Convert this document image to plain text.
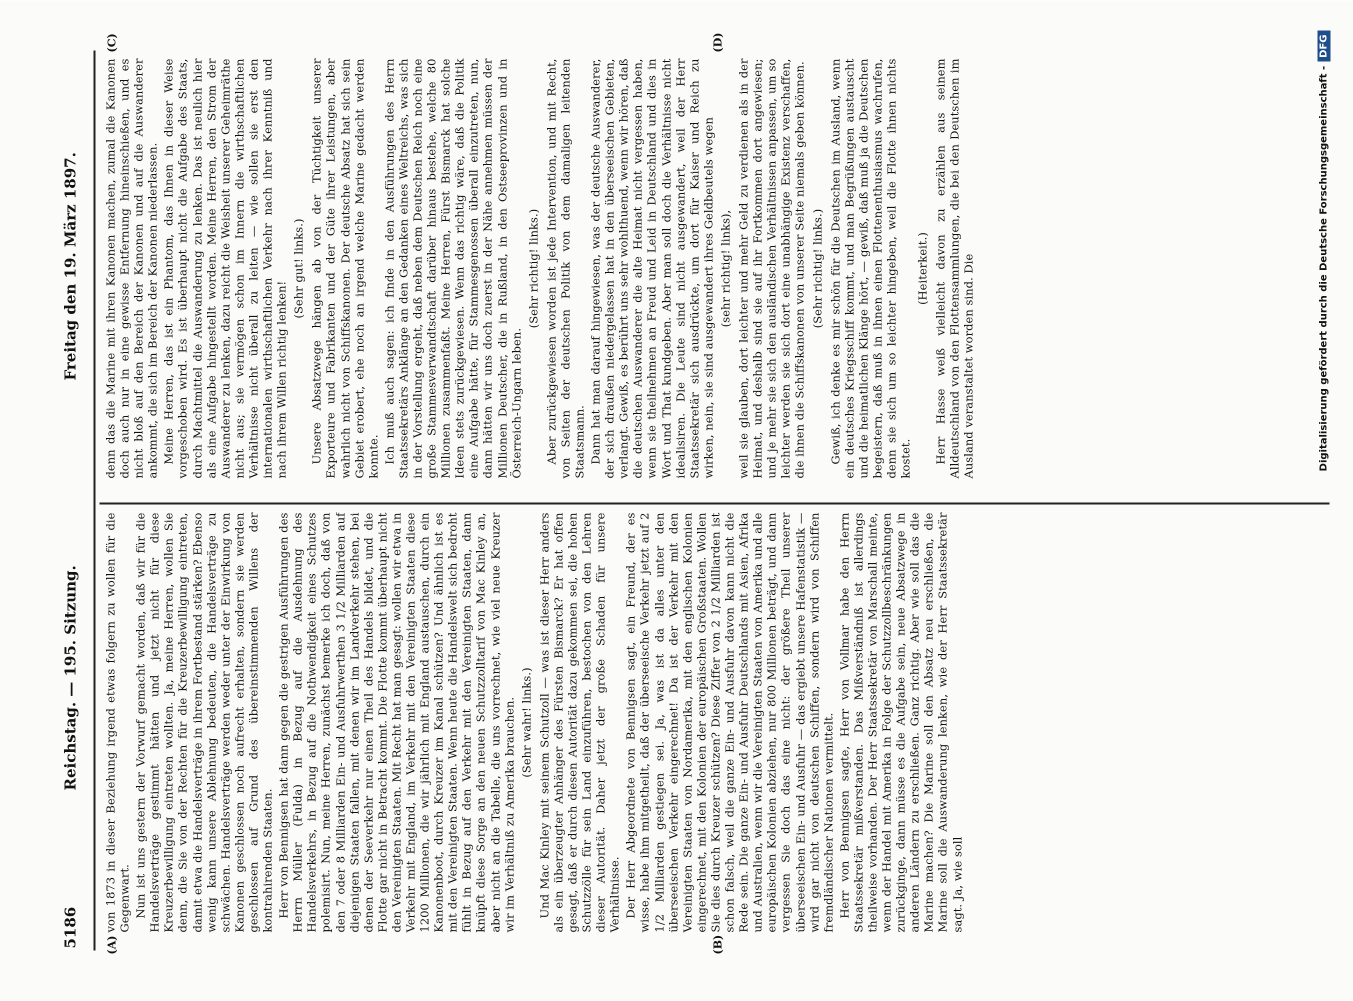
5186
Reichstag. — 195. Sitzung.
Freitag den 19. März 1897.
(A)	(B)
(C)	(D)

von 1873 in dieser Beziehung irgend etwas folgern zu wollen für die Gegenwart. Nun ist uns gestern der Vorwurf gemacht worden, daß wir für die Handelsverträge gestimmt hätten und jetzt nicht für diese Kreuzerbewilligung eintreten wollten. Ja, meine Herren, wollen Sie denn, die Sie von der Rechten für die Kreuzerbewilligung eintreten, damit etwa die Handelsverträge in ihrem Fortbestand stärken? Ebenso wenig kann unsere Ablehnung bedeuten, die Handelsverträge zu schwächen. Handelsverträge werden weder unter der Einwirkung von Kanonen geschlossen noch aufrecht erhalten, sondern sie werden geschlossen auf Grund des übereinstimmenden Willens der kontrahirenden Staaten. Herr von Bennigsen hat dann gegen die gestrigen Ausführungen des Herrn Müller (Fulda) in Bezug auf die Ausdehnung des Handelsverkehrs, in Bezug auf die Nothwendigkeit eines Schutzes polemisirt. Nun, meine Herren, zunächst bemerke ich doch, daß von den 7 oder 8 Milliarden Ein- und Ausfuhrwerthen 3 1/2 Milliarden auf diejenigen Staaten fallen, mit denen wir im Landverkehr stehen, bei denen der Seeverkehr nur einen Theil des Handels bildet, und die Flotte gar nicht in Betracht kommt. Die Flotte kommt überhaupt nicht den Vereinigten Staaten. Mit Recht hat man gesagt: wollen wir etwa in Verkehr mit England, im Verkehr mit den Vereinigten Staaten diese 1200 Millionen, die wir jährlich mit England austauschen, durch ein Kanonenboot, durch Kreuzer im Kanal schützen? Und ähnlich ist es mit den Vereinigten Staaten. Wenn heute die Handelswelt sich bedroht fühlt in Bezug auf den Verkehr mit den Vereinigten Staaten, dann knüpft diese Sorge an den neuen Schutzzolltarif von Mac Kinley an, aber nicht an die Tabelle, die uns vorrechnet, wie viel neue Kreuzer wir im Verhältniß zu Amerika brauchen. (Sehr wahr! links.) Und Mac Kinley mit seinem Schutzoll — was ist dieser Herr anders als ein überzeugter Anhänger des Fürsten Bismarck? Er hat offen gesagt, daß er durch diesen Autorität dazu gekommen sei, die hohen Schutzzölle für sein Land einzuführen, bestochen von den Lehren dieser Autorität. Daher jetzt der große Schaden für unsere Verhältnisse. Der Herr Abgeordnete von Bennigsen sagt, ein Freund, der es wisse, habe ihm mitgetheilt, daß der überseeische Verkehr jetzt auf 2 1/2 Milliarden gestiegen sei. Ja, was ist da alles unter den überseeischen Verkehr eingerechnet! Da ist der Verkehr mit den Vereinigten Staaten von Nordamerika, mit den englischen Kolonien eingerechnet, mit den Kolonien der europäischen Großstaaten. Wollen Sie dies durch Kreuzer schützen? Diese Ziffer von 2 1/2 Milliarden ist schon falsch, weil die ganze Ein- und Ausfuhr davon kann nicht die Rede sein. Die ganze Ein- und Ausfuhr Deutschlands mit Asien, Afrika und Australien, wenn wir die Vereinigten Staaten von Amerika und alle europäischen Kolonien abziehen, nur 800 Millionen beträgt, und dann vergessen Sie doch das eine nicht: der größere Theil unserer überseeischen Ein- und Ausfuhr — das ergiebt unsere Hafenstatistik — wird gar nicht von deutschen Schiffen, sondern wird von Schiffen fremdländischer Nationen vermittelt. Herr von Bennigsen sagte, Herr von Vollmar habe den Herrn Staatssekretär mißverstanden. Das Mißverständniß ist allerdings theilweise vorhanden. Der Herr Staatssekretär von Marschall meinte, wenn der Handel mit Amerika in Folge der Schutzzollbeschränkungen zurückginge, dann müsse es die Aufgabe sein, neue Absatzwege in anderen Ländern zu erschließen. Ganz richtig. Aber wie soll das die Marine machen? Die Marine soll den Absatz neu erschließen, die Marine soll die Auswanderung lenken, wie der Herr Staatssekretär sagt. Ja, wie soll

denn das die Marine mit ihren Kanonen machen, zumal die Kanonen doch auch nur in eine gewisse Entfernung hineinschießen, und es nicht bloß auf den Bereich der Kanonen und auf die Auswanderer ankommt, die sich im Bereich der Kanonen niederlassen. Meine Herren, das ist ein Phantom, das Ihnen in dieser Weise vorgeschoben wird. Es ist überhaupt nicht die Aufgabe des Staats, durch Machtmittel die Auswanderung zu lenken. Das ist neulich hier als eine Aufgabe hingestellt worden. Meine Herren, den Strom der Auswanderer zu lenken, dazu reicht die Weisheit unserer Geheimräthe nicht aus; sie vermögen schon im Innern die wirthschaftlichen Verhältnisse nicht überall zu leiten — wie sollen sie erst den internationalen wirthschaftlichen Verkehr nach ihrer Kenntniß und nach ihrem Willen richtig lenken!

(Sehr gut! links.) Unsere Absatzwege hängen ab von der Tüchtigkeit unserer Exporteure und Fabrikanten und der Güte ihrer Leistungen, aber wahrlich nicht von Schiffskanonen. Der deutsche Absatz hat sich sein Gebiet erobert, ehe noch an irgend welche Marine gedacht werden konnte. Ich muß auch sagen: ich finde in den Ausführungen des Herrn Staatssekretärs Anklänge an den Gedanken eines Weltreichs, was sich in der Vorstellung ergeht, daß neben dem Deutschen Reich noch eine große Stammesverwandtschaft darüber hinaus bestehe, welche 80 Millionen zusammenfaßt. Meine Herren, Fürst Bismarck hat solche Ideen stets zurückgewiesen. Wenn das richtig wäre, daß die Politik eine Aufgabe hätte, für Stammesgenossen überall einzutreten, nun, dann hätten wir uns doch zuerst in der Nähe annehmen müssen der Millionen Deutscher, die in Rußland, in den Ostseeprovinzen und in Österreich-Ungarn leben.

(Sehr richtig! links.) Aber zurückgewiesen worden ist jede Intervention, und mit Recht, von Seiten der deutschen Politik von dem damaligen leitenden Staatsmann. Dann hat man darauf hingewiesen, was der deutsche Auswanderer, der sich draußen niedergelassen hat in den überseeischen Gebieten, verlangt. Gewiß, es berührt uns sehr wohlthuend, wenn wir hören, daß die deutschen Auswanderer die alte Heimat nicht vergessen haben, wenn sie theilnehmen an Freud und Leid in Deutschland und dies in Wort und That kundgeben. Aber man soll doch die Verhältnisse nicht idealisiren. Die Leute sind nicht ausgewandert, weil der Herr Staatssekretär sich ausdrückte, um dort für Kaiser und Reich zu wirken, nein, sie sind ausgewandert ihres Geldbeutels wegen (sehr richtig! links), weil sie glauben, dort leichter und mehr Geld zu verdienen als in der Heimat, und deshalb sind sie auf ihr Fortkommen dort angewiesen; und je mehr sie sich den ausländischen Verhältnissen anpassen, um so leichter werden sie sich dort eine unabhängige Existenz verschaffen, die ihnen die Schiffskanonen von unserer Seite niemals geben können. (Sehr richtig! links.) Gewiß, ich denke es mir schön für die Deutschen im Ausland, wenn ein deutsches Kriegsschiff kommt, und man Begrüßungen austauscht und die heimatlichen Klänge hört, — gewiß, daß muß ja die Deutschen begeistern, daß muß in ihnen einen Flottenenthusiasmus wachrufen, denn sie sich um so leichter hingeben, weil die Flotte ihnen nichts kostet.

(Heiterkeit.) Herr Hasse weiß vielleicht davon zu erzählen aus seinem Alldeutschland von den Flottensammlungen, die bei den Deutschen im Ausland veranstaltet worden sind. Die	Digitalisierung gefördert durch die Deutsche Forschungsgemeinschaft -DFG
